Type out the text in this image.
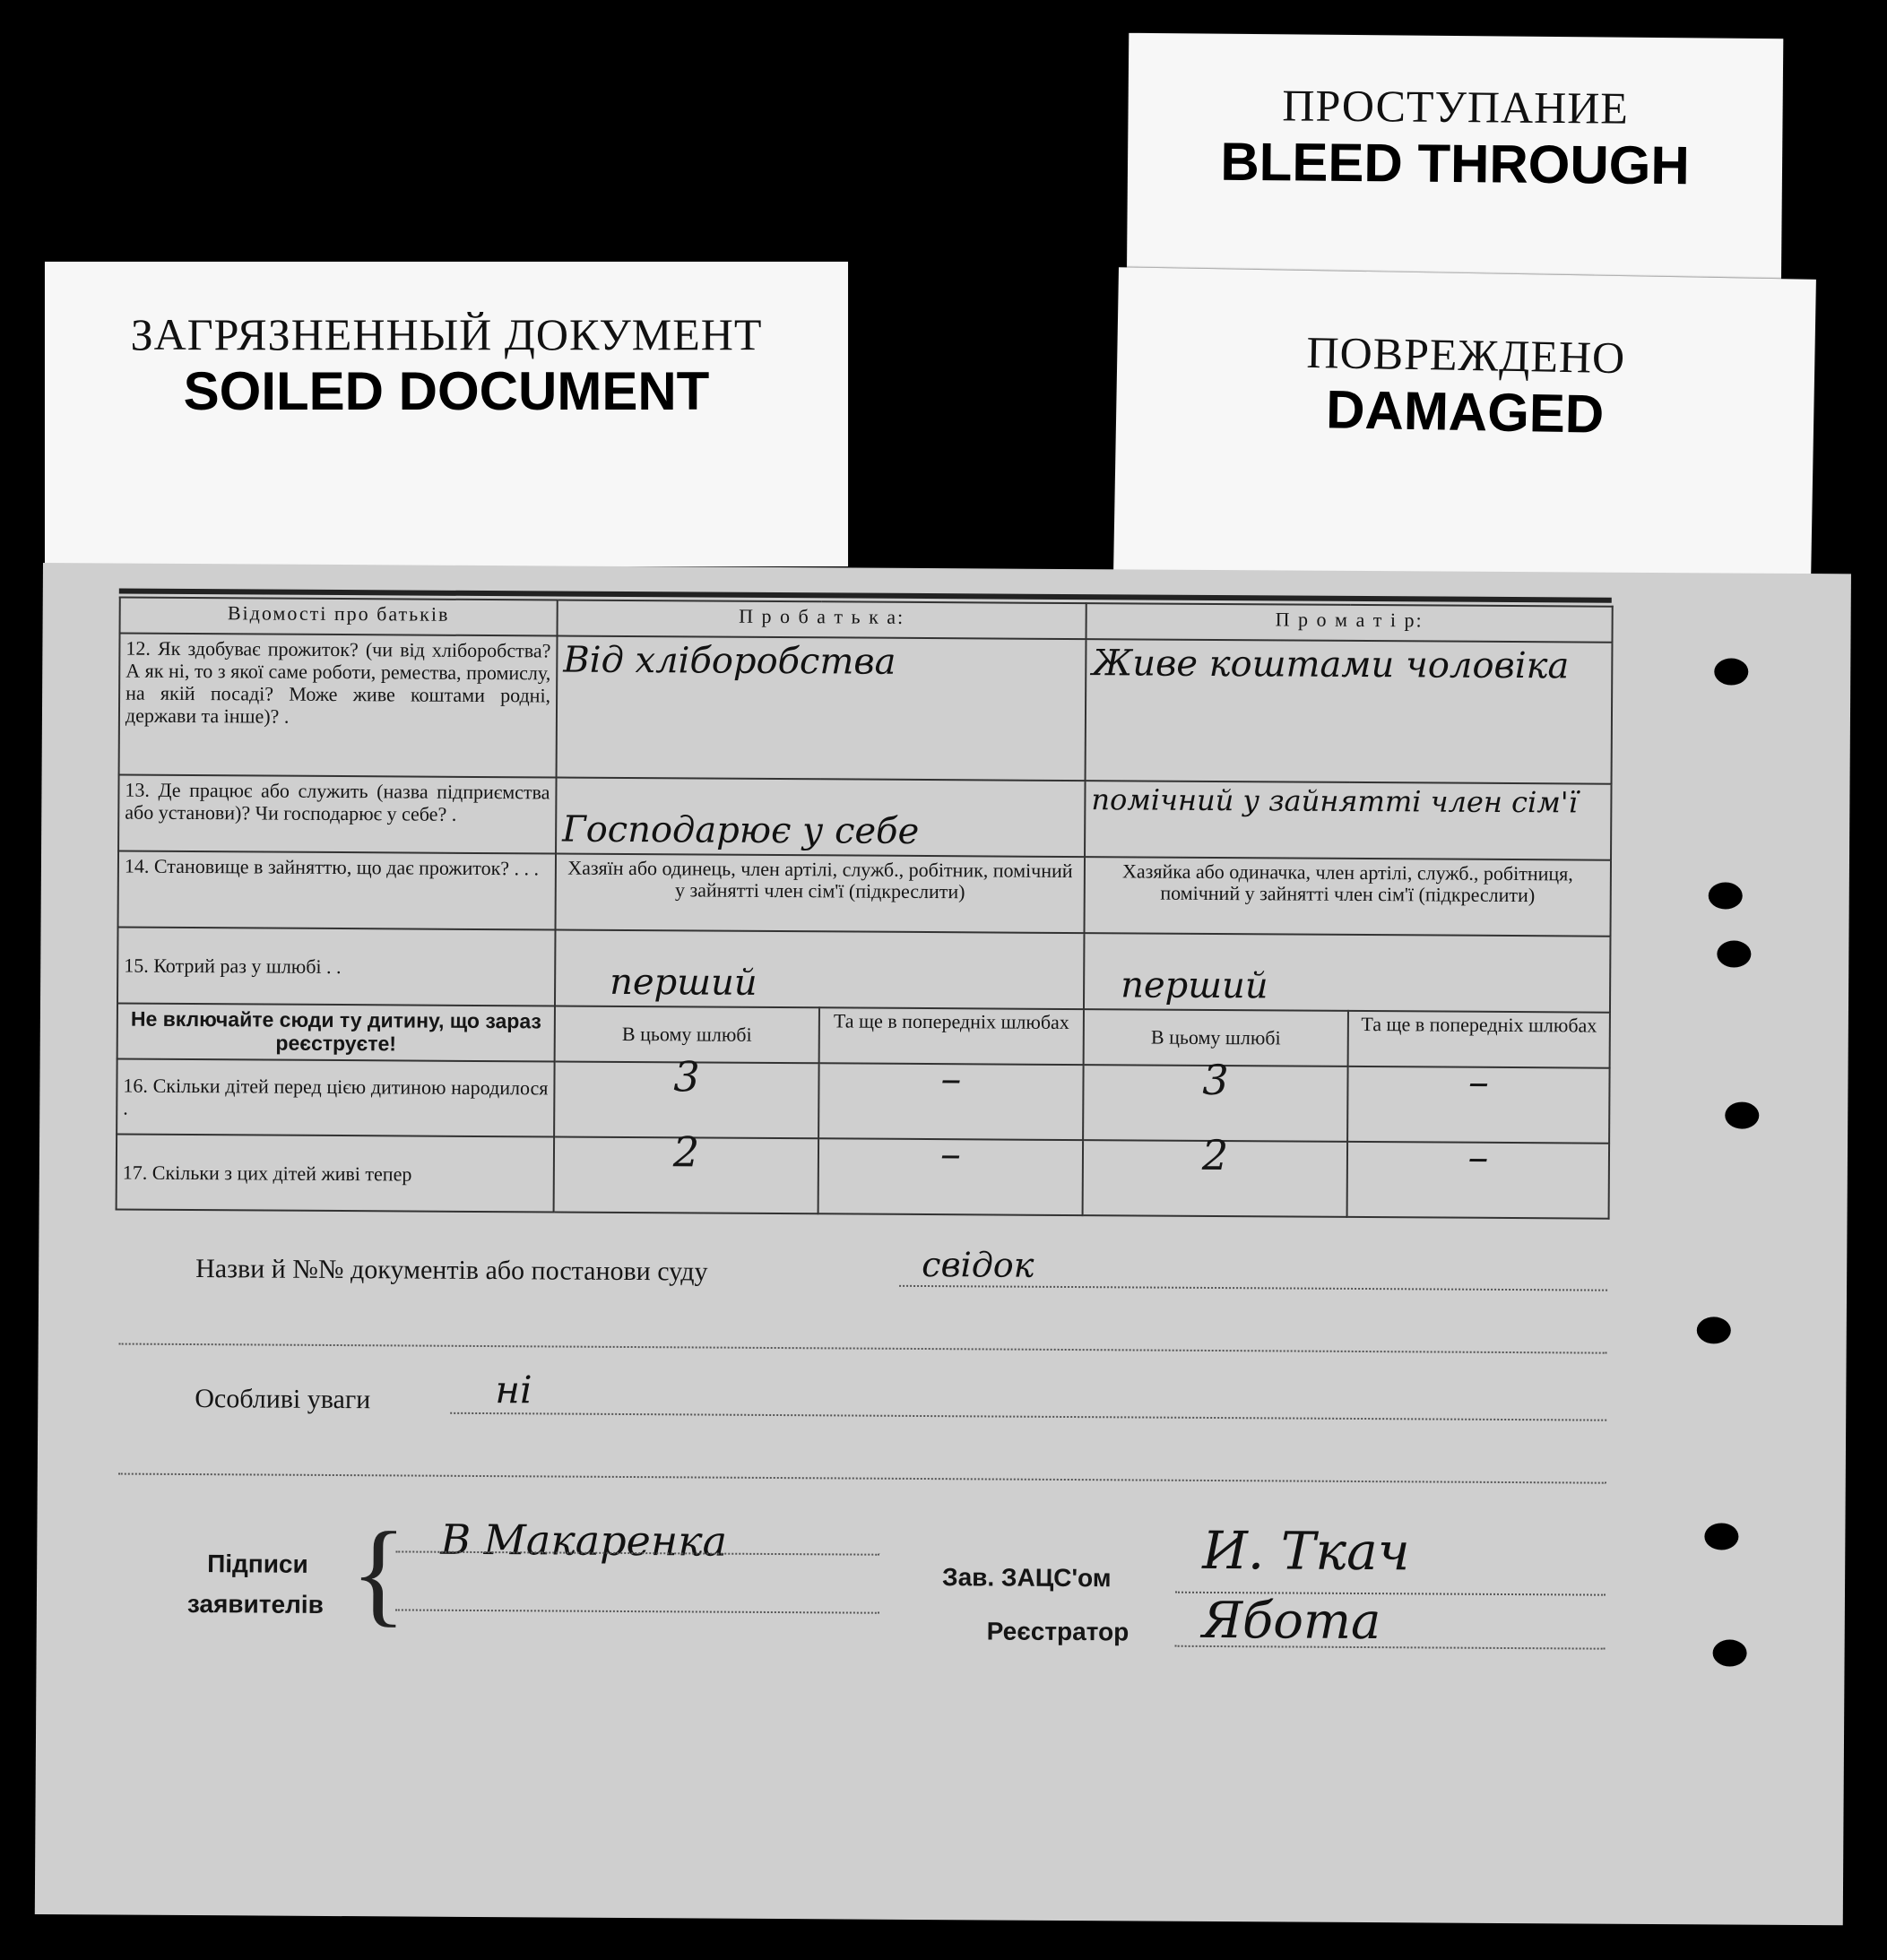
ЗАГРЯЗНЕННЫЙ ДОКУМЕНТ
SOILED DOCUMENT
ПРОСТУПАНИЕ
BLEED THROUGH
ПОВРЕЖДЕНО
DAMAGED
Відомості про батьків	П р о б а т ь к а:		П р о м а т і р:	
12. Як здобуває прожиток? (чи від хліборобства? А як ні, то з якої саме роботи, ремества, промислу, на якій посаді? Може живе коштами родні, держави та інше)? .	Від хліборобства		Живе коштами чоловіка	
13. Де працює або служить (назва підприємства або установи)? Чи господарює у себе? .	Господарює у себе		помічний у зайнятті член сім'ї	
14. Становище в зайняттю, що дає прожиток? . . .	Хазяїн або одинець, член артілі, служб., робітник, помічний у зайнятті член сім'ї (підкреслити)		Хазяйка або одиначка, член артілі, служб., робітниця, помічний у зайнятті член сім'ї (підкреслити)	
15. Котрий раз у шлюбі . .	перший		перший	
Не включайте сюди ту дитину, що зараз реєструєте!	В цьому шлюбі	Та ще в попередніх шлюбах	В цьому шлюбі	Та ще в попередніх шлюбах
16. Скільки дітей перед цією дитиною народилося .	3	–	3	–
17. Скільки з цих дітей живі тепер	2	–	2	–
Назви й №№ документів або постанови суду	свідок
Особливі уваги	ні
Підписи
заявителів { В Макаренка
Зав. ЗАЦС'ом И. Ткач
Реєстратор Ябота
